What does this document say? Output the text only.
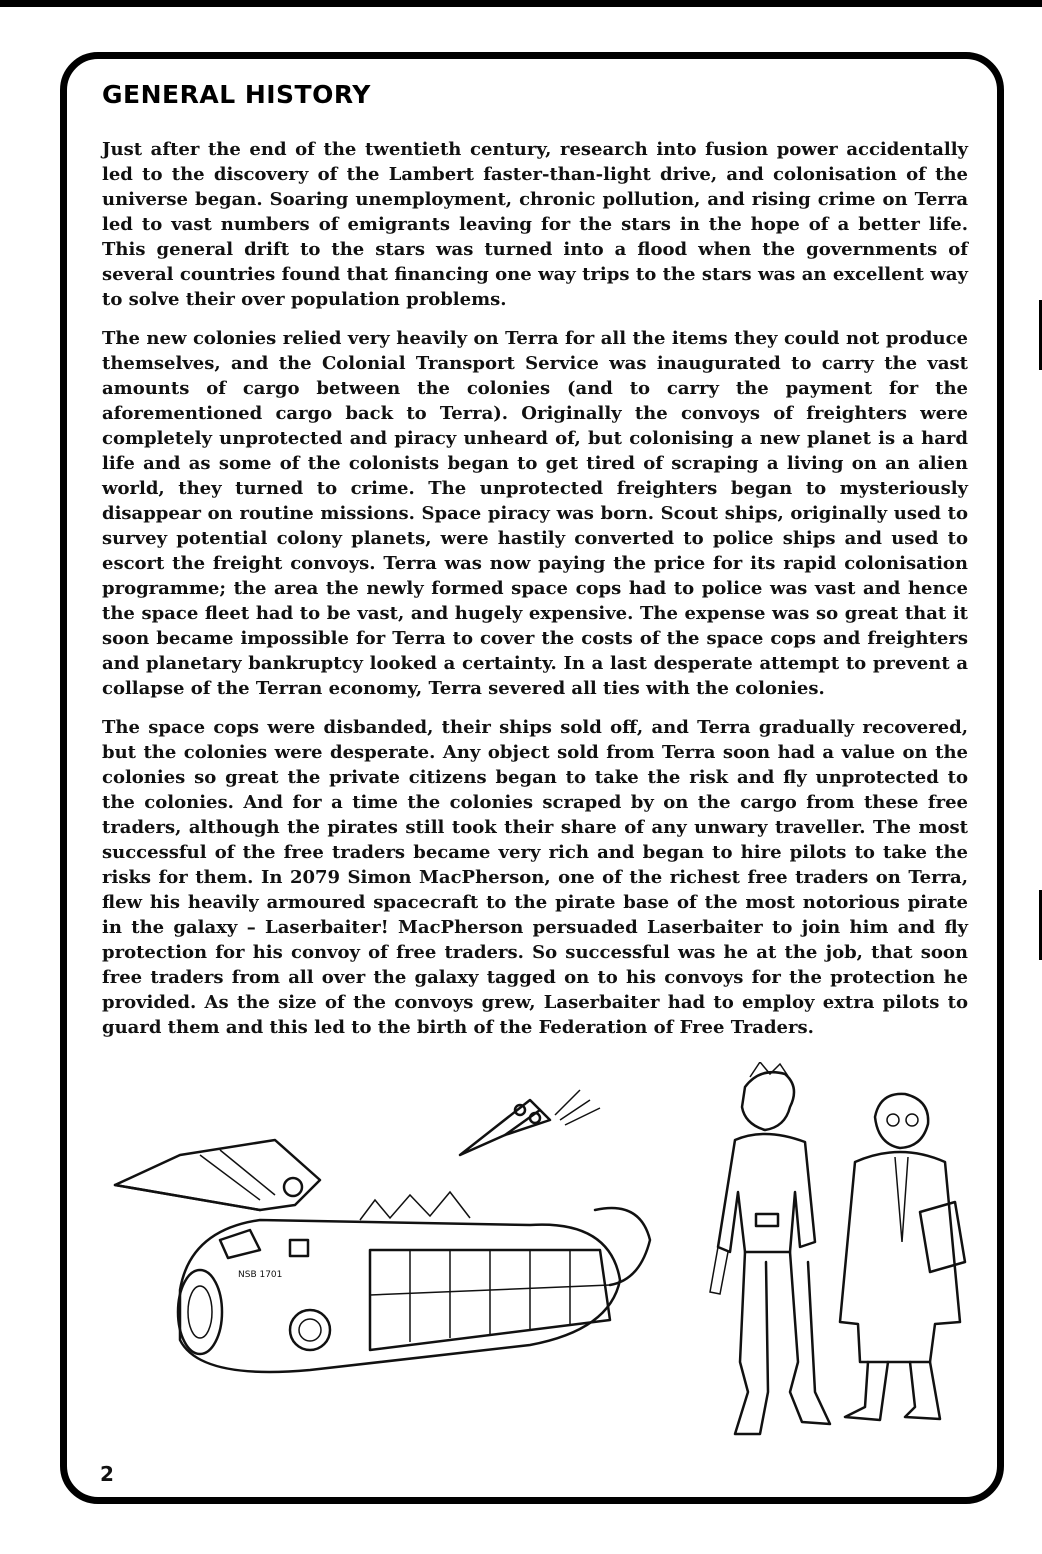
GENERAL HISTORY

Just after the end of the twentieth century, research into fusion power accidentally led to the discovery of the Lambert faster-than-light drive, and colonisation of the universe began. Soaring unemployment, chronic pollution, and rising crime on Terra led to vast numbers of emigrants leaving for the stars in the hope of a better life. This general drift to the stars was turned into a flood when the governments of several countries found that financing one way trips to the stars was an excellent way to solve their over population problems.

The new colonies relied very heavily on Terra for all the items they could not produce themselves, and the Colonial Transport Service was inaugurated to carry the vast amounts of cargo between the colonies (and to carry the payment for the aforementioned cargo back to Terra). Originally the convoys of freighters were completely unprotected and piracy unheard of, but colonising a new planet is a hard life and as some of the colonists began to get tired of scraping a living on an alien world, they turned to crime. The unprotected freighters began to mysteriously disappear on routine missions. Space piracy was born. Scout ships, originally used to survey potential colony planets, were hastily converted to police ships and used to escort the freight convoys. Terra was now paying the price for its rapid colonisation programme; the area the newly formed space cops had to police was vast and hence the space fleet had to be vast, and hugely expensive. The expense was so great that it soon became impossible for Terra to cover the costs of the space cops and freighters and planetary bankruptcy looked a certainty. In a last desperate attempt to prevent a collapse of the Terran economy, Terra severed all ties with the colonies.

The space cops were disbanded, their ships sold off, and Terra gradually recovered, but the colonies were desperate. Any object sold from Terra soon had a value on the colonies so great the private citizens began to take the risk and fly unprotected to the colonies. And for a time the colonies scraped by on the cargo from these free traders, although the pirates still took their share of any unwary traveller. The most successful of the free traders became very rich and began to hire pilots to take the risks for them. In 2079 Simon MacPherson, one of the richest free traders on Terra, flew his heavily armoured spacecraft to the pirate base of the most notorious pirate in the galaxy – Laserbaiter! MacPherson persuaded Laserbaiter to join him and fly protection for his convoy of free traders. So successful was he at the job, that soon free traders from all over the galaxy tagged on to his convoys for the protection he provided. As the size of the convoys grew, Laserbaiter had to employ extra pilots to guard them and this led to the birth of the Federation of Free Traders.

NSB 1701
2
